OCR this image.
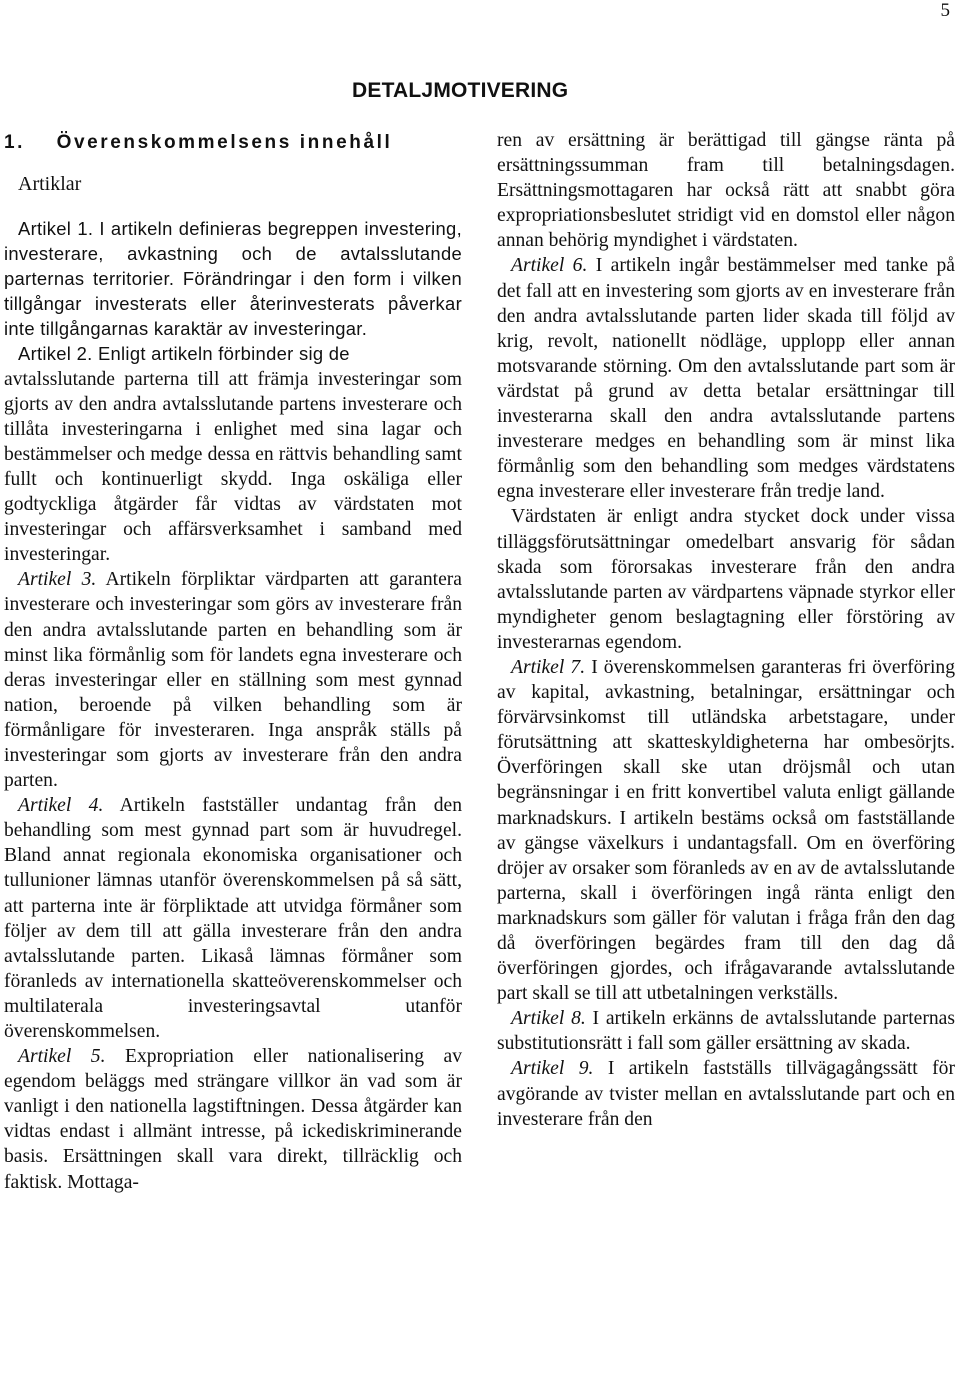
5
DETALJMOTIVERING
1. Överenskommelsens innehåll
Artiklar

Artikel 1. I artikeln definieras begreppen investering, investerare, avkastning och de avtalsslutande parternas territorier. Förändringar i den form i vilken tillgångar investerats eller återinvesterats påverkar inte tillgångarnas karaktär av investeringar.

Artikel 2. Enligt artikeln förbinder sig de

avtalsslutande parterna till att främja investeringar som gjorts av den andra avtalsslutande partens investerare och tillåta investeringarna i enlighet med sina lagar och bestämmelser och medge dessa en rättvis behandling samt fullt och kontinuerligt skydd. Inga oskäliga eller godtyckliga åtgärder får vidtas av värdstaten mot investeringar och affärsverksamhet i samband med investeringar.

Artikel 3. Artikeln förpliktar värdparten att garantera investerare och investeringar som görs av investerare från den andra avtalsslutande parten en behandling som är minst lika förmånlig som för landets egna investerare och deras investeringar eller en ställning som mest gynnad nation, beroende på vilken behandling som är förmånligare för investeraren. Inga anspråk ställs på investeringar som gjorts av investerare från den andra parten.

Artikel 4. Artikeln fastställer undantag från den behandling som mest gynnad part som är huvudregel. Bland annat regionala ekonomiska organisationer och tullunioner lämnas utanför överenskommelsen på så sätt, att parterna inte är förpliktade att utvidga förmåner som följer av dem till att gälla investerare från den andra avtalsslutande parten. Likaså lämnas förmåner som föranleds av internationella skatteöverenskommelser och multilaterala investeringsavtal utanför överenskommelsen.

Artikel 5. Expropriation eller nationalisering av egendom beläggs med strängare villkor än vad som är vanligt i den nationella lagstiftningen. Dessa åtgärder kan vidtas endast i allmänt intresse, på ickediskriminerande basis. Ersättningen skall vara direkt, tillräcklig och faktisk. Mottaga-

ren av ersättning är berättigad till gängse ränta på ersättningssumman fram till betalningsdagen. Ersättningsmottagaren har också rätt att snabbt göra expropriationsbeslutet stridigt vid en domstol eller någon annan behörig myndighet i värdstaten.

Artikel 6. I artikeln ingår bestämmelser med tanke på det fall att en investering som gjorts av en investerare från den andra avtalsslutande parten lider skada till följd av krig, revolt, nationellt nödläge, upplopp eller annan motsvarande störning. Om den avtalsslutande part som är värdstat på grund av detta betalar ersättningar till investerarna skall den andra avtalsslutande partens investerare medges en behandling som är minst lika förmånlig som den behandling som medges värdstatens egna investerare eller investerare från tredje land.

Värdstaten är enligt andra stycket dock under vissa tilläggsförutsättningar omedelbart ansvarig för sådan skada som förorsakas investerare från den andra avtalsslutande parten av värdpartens väpnade styrkor eller myndigheter genom beslagtagning eller förstöring av investerarnas egendom.

Artikel 7. I överenskommelsen garanteras fri överföring av kapital, avkastning, betalningar, ersättningar och förvärvsinkomst till utländska arbetstagare, under förutsättning att skatteskyldigheterna har ombesörjts. Överföringen skall ske utan dröjsmål och utan begränsningar i en fritt konvertibel valuta enligt gällande marknadskurs. I artikeln bestäms också om fastställande av gängse växelkurs i undantagsfall. Om en överföring dröjer av orsaker som föranleds av en av de avtalsslutande parterna, skall i överföringen ingå ränta enligt den marknadskurs som gäller för valutan i fråga från den dag då överföringen begärdes fram till den dag då överföringen gjordes, och ifrågavarande avtalsslutande part skall se till att utbetalningen verkställs.

Artikel 8. I artikeln erkänns de avtalsslutande parternas substitutionsrätt i fall som gäller ersättning av skada.

Artikel 9. I artikeln fastställs tillvägagångssätt för avgörande av tvister mellan en avtalsslutande part och en investerare från den
